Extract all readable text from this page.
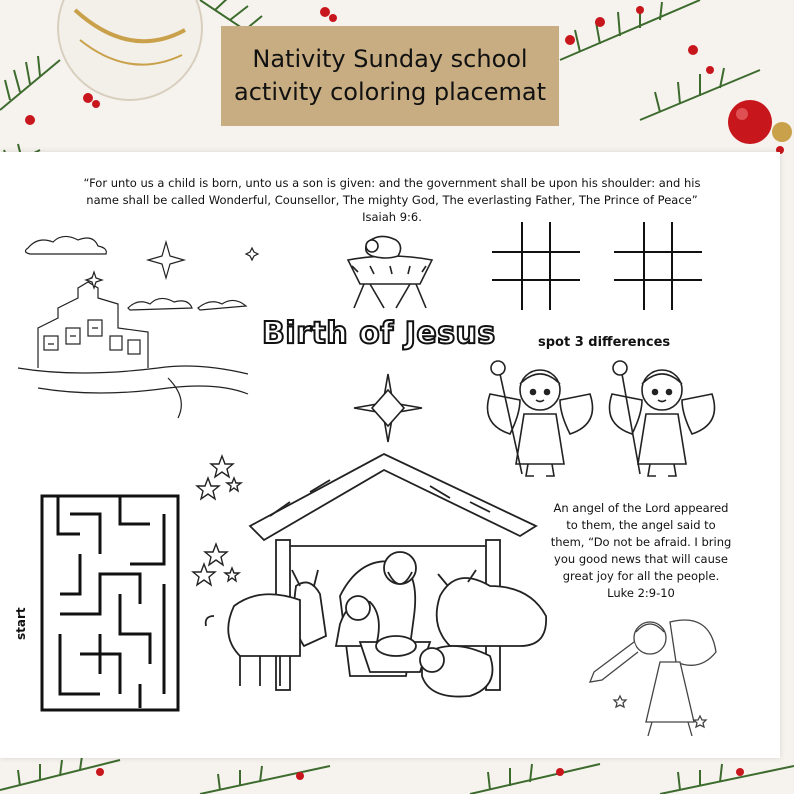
Nativity Sunday school
activity coloring placemat
“For unto us a child is born, unto us a son is given: and the government shall be upon his shoulder: and his
name shall be called Wonderful, Counsellor, The mighty God, The everlasting Father, The Prince of Peace”
Isaiah 9:6.
Birth of Jesus	spot 3 differences
An angel of the Lord appeared
to them, the angel said to
them, “Do not be afraid. I bring
you good news that will cause
great joy for all the people.
Luke 2:9-10
start
